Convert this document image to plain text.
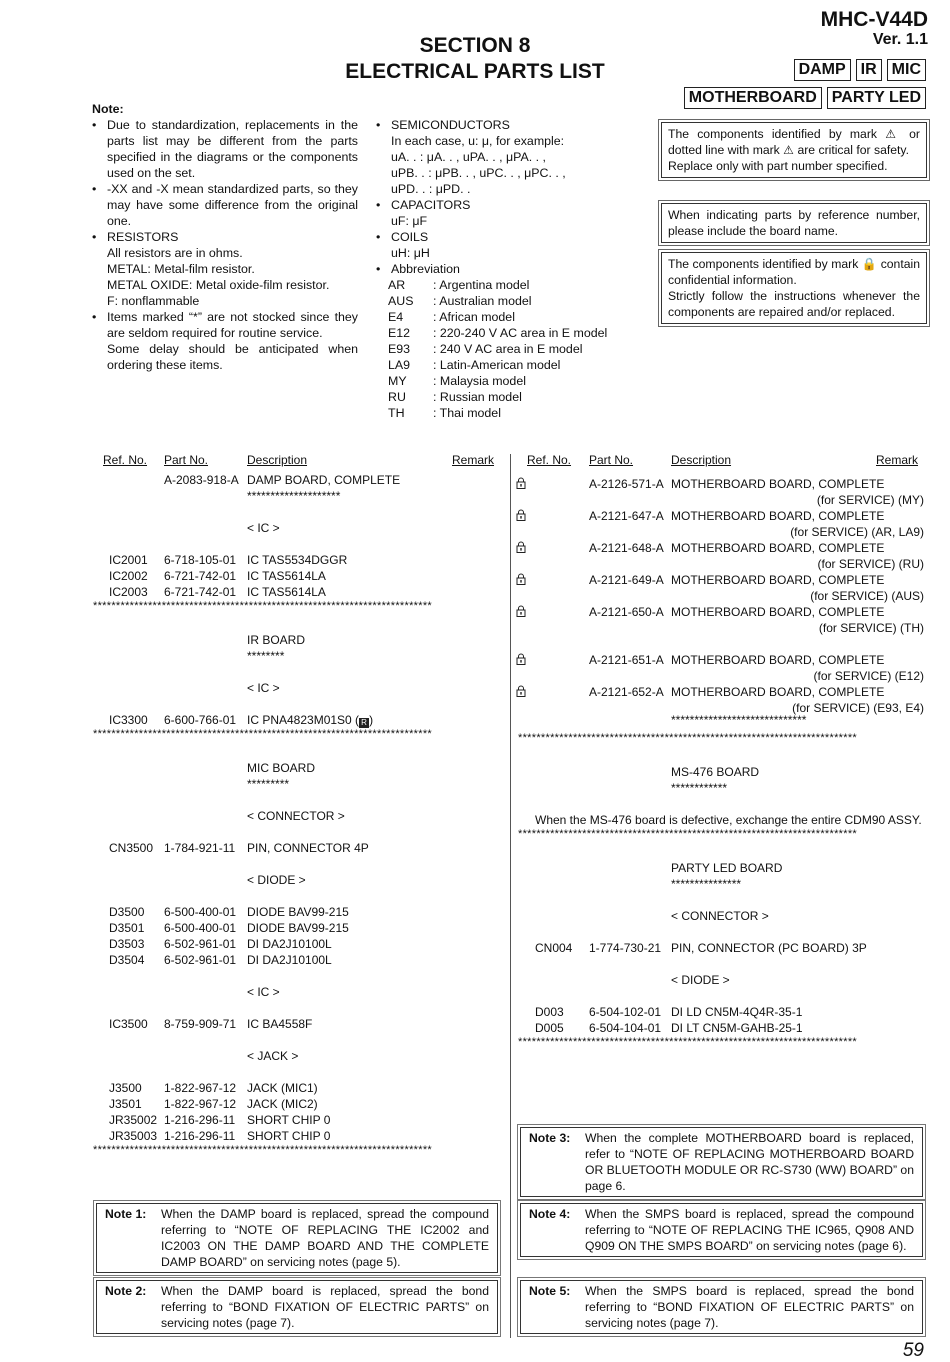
MHC-V44D
Ver. 1.1
SECTION 8
ELECTRICAL PARTS LIST	DAMP IR MIC
MOTHERBOARD PARTY LED
Note:
• Due to standardization, replacements in the parts list may be different from the parts specified in the diagrams or the components used on the set.
• -XX and -X mean standardized parts, so they may have some difference from the original one.
• RESISTORS
All resistors are in ohms.
METAL: Metal-film resistor.
METAL OXIDE: Metal oxide-film resistor.
F: nonflammable
• Items marked “*” are not stocked since they are seldom required for routine service.
Some delay should be anticipated when ordering these items.
• SEMICONDUCTORS
In each case, u: μ, for example:
uA. . : μA. . , uPA. . , μPA. . ,
uPB. . : μPB. . , uPC. . , μPC. . ,
uPD. . : μPD. .
• CAPACITORS
uF: μF
• COILS
uH: μH
• Abbreviation
AR	: Argentina model
AUS	: Australian model
E4	: African model
E12	: 220-240 V AC area in E model
E93	: 240 V AC area in E model
LA9	: Latin-American model
MY	: Malaysia model
RU	: Russian model
TH	: Thai model
The components identified by mark ⚠ or dotted line with mark ⚠ are critical for safety.
Replace only with part number specified.
When indicating parts by reference number, please include the board name.
The components identified by mark 🔒 contain confidential information.
Strictly follow the instructions whenever the components are repaired and/or replaced.
Ref. No. Part No.	Description	Remark	Ref. No. Part No.	Description	Remark
A-2083-918-A DAMP BOARD, COMPLETE
********************
< IC >
IC2001 6-718-105-01 IC TAS5534DGGR
IC2002 6-721-742-01 IC TAS5614LA
IC2003 6-721-742-01 IC TAS5614LA
**************************************************************************
IR BOARD
********
< IC >
IC3300 6-600-766-01 IC PNA4823M01S0 ( R )
**************************************************************************
MIC BOARD
*********
< CONNECTOR >
CN3500 1-784-921-11 PIN, CONNECTOR 4P
< DIODE >
D3500 6-500-400-01 DIODE BAV99-215
D3501 6-500-400-01 DIODE BAV99-215
D3503 6-502-961-01 DI DA2J10100L
D3504 6-502-961-01 DI DA2J10100L
< IC >
IC3500 8-759-909-71 IC BA4558F
< JACK >
J3500 1-822-967-12 JACK (MIC1)
J3501 1-822-967-12 JACK (MIC2)
JR35002 1-216-296-11 SHORT CHIP 0
JR35003 1-216-296-11 SHORT CHIP 0
**************************************************************************
A-2126-571-A MOTHERBOARD BOARD, COMPLETE
(for SERVICE) (MY)
A-2121-647-A MOTHERBOARD BOARD, COMPLETE
(for SERVICE) (AR, LA9)
A-2121-648-A MOTHERBOARD BOARD, COMPLETE
(for SERVICE) (RU)
A-2121-649-A MOTHERBOARD BOARD, COMPLETE
(for SERVICE) (AUS)
A-2121-650-A MOTHERBOARD BOARD, COMPLETE
(for SERVICE) (TH)
A-2121-651-A MOTHERBOARD BOARD, COMPLETE
(for SERVICE) (E12)
A-2121-652-A MOTHERBOARD BOARD, COMPLETE
(for SERVICE) (E93, E4)
*****************************
**************************************************************************
MS-476 BOARD
************
When the MS-476 board is defective, exchange the entire CDM90 ASSY.
**************************************************************************
PARTY LED BOARD
***************
< CONNECTOR >
CN004 1-774-730-21 PIN, CONNECTOR (PC BOARD) 3P
< DIODE >
D003 6-504-102-01 DI LD CN5M-4Q4R-35-1
D005 6-504-104-01 DI LT CN5M-GAHB-25-1
**************************************************************************
Note 1:	When the DAMP board is replaced, spread the compound referring to “NOTE OF REPLACING THE IC2002 and IC2003 ON THE DAMP BOARD AND THE COMPLETE DAMP BOARD” on servicing notes (page 5).
Note 2:	When the DAMP board is replaced, spread the bond referring to “BOND FIXATION OF ELECTRIC PARTS” on servicing notes (page 7).
Note 3:	When the complete MOTHERBOARD board is replaced, refer to “NOTE OF REPLACING MOTHERBOARD BOARD OR BLUETOOTH MODULE OR RC-S730 (WW) BOARD” on page 6.
Note 4:	When the SMPS board is replaced, spread the compound referring to “NOTE OF REPLACING THE IC965, Q908 AND Q909 ON THE SMPS BOARD” on servicing notes (page 6).
Note 5:	When the SMPS board is replaced, spread the bond referring to “BOND FIXATION OF ELECTRIC PARTS” on servicing notes (page 7).
59
